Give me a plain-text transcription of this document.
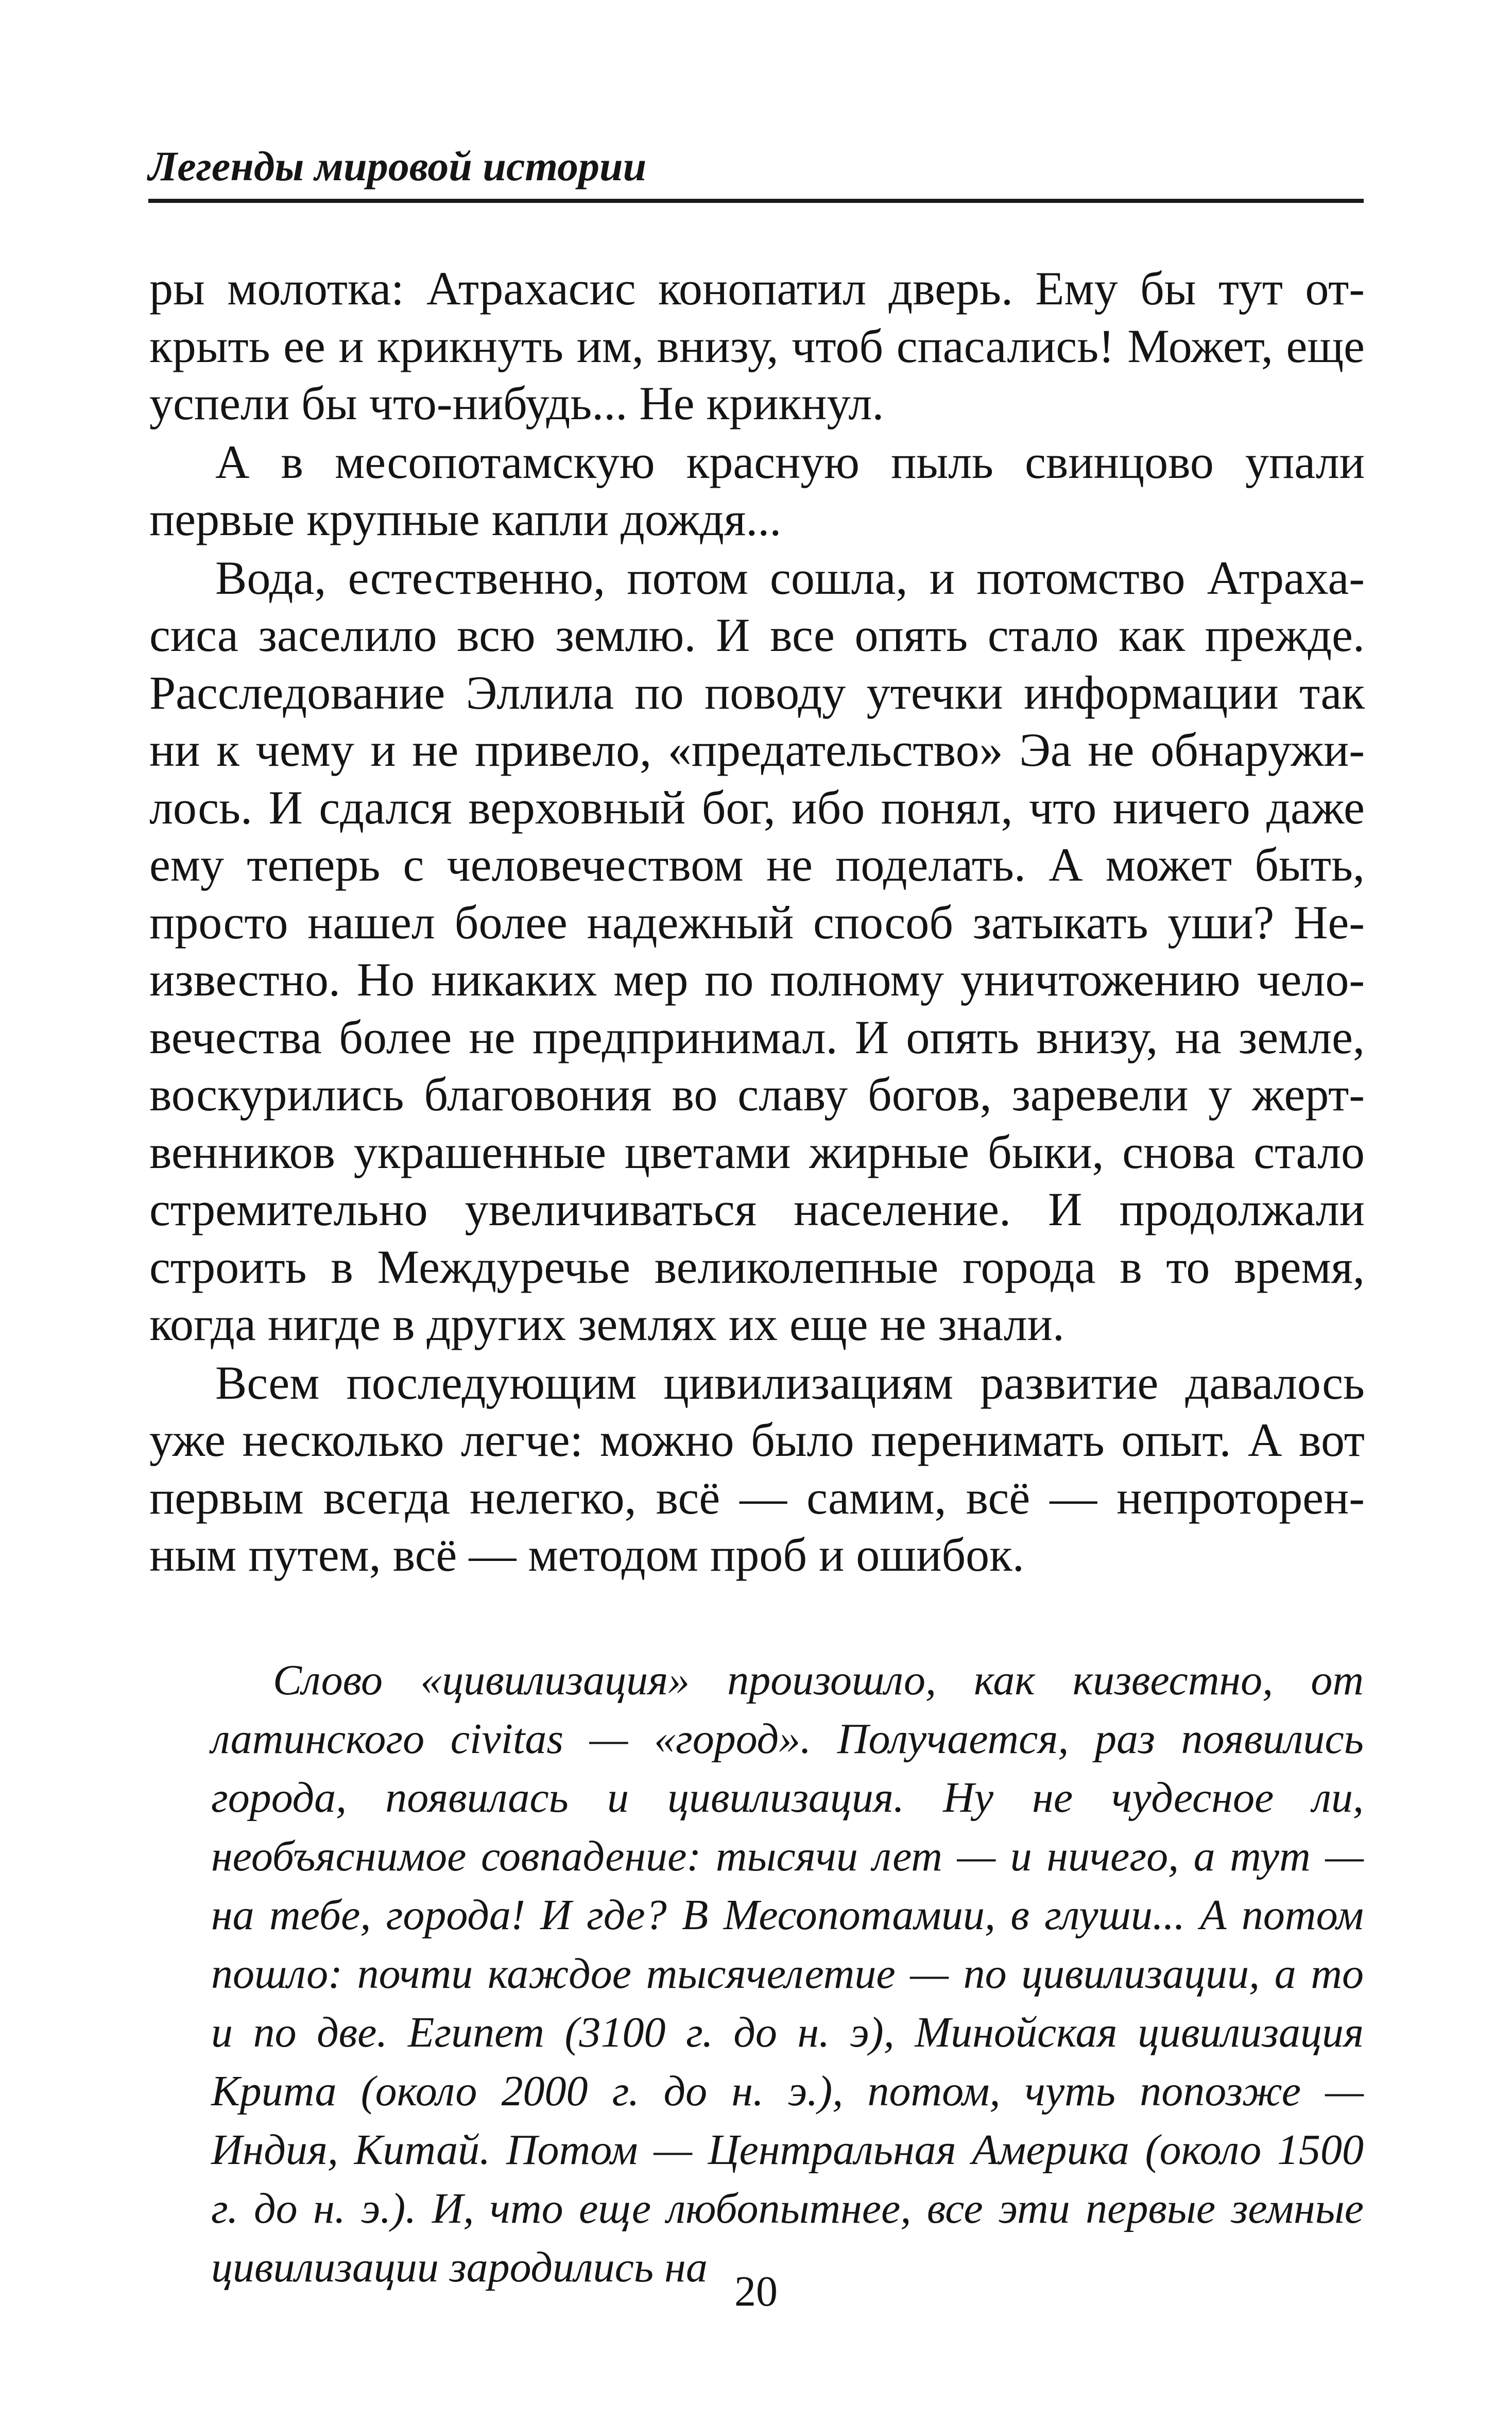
Легенды мировой истории

ры молотка: Атрахасис конопатил дверь. Ему бы тут открыть ее и крикнуть им, внизу, чтоб спасались! Может, еще успели бы что-нибудь... Не крикнул.

А в месопотамскую красную пыль свинцово упали первые крупные капли дождя...

Вода, естественно, потом сошла, и потомство Атрахасиса заселило всю землю. И все опять стало как прежде. Расследование Эллила по поводу утечки информации так ни к чему и не привело, «предательство» Эа не обнаружилось. И сдался верховный бог, ибо понял, что ничего даже ему теперь с человечеством не поделать. А может быть, просто нашел более надежный способ затыкать уши? Неизвестно. Но никаких мер по полному уничтожению человечества более не предпринимал. И опять внизу, на земле, воскурились благовония во славу богов, заревели у жертвенников украшенные цветами жирные быки, снова стало стремительно увеличиваться население. И продолжали строить в Междуречье великолепные города в то время, когда нигде в других землях их еще не знали.

Всем последующим цивилизациям развитие давалось уже несколько легче: можно было перенимать опыт. А вот первым всегда нелегко, всё — самим, всё — непроторенным путем, всё — методом проб и ошибок.

Слово «цивилизация» произошло, как кизвестно, от латинского civitas — «город». Получается, раз появились города, появилась и цивилизация. Ну не чудесное ли, необъяснимое совпадение: тысячи лет — и ничего, а тут — на тебе, города! И где? В Месопотамии, в глуши... А потом пошло: почти каждое тысячелетие — по цивилизации, а то и по две. Египет (3100 г. до н. э), Минойская цивилизация Крита (около 2000 г. до н. э.), потом, чуть попозже — Индия, Китай. Потом — Центральная Америка (около 1500 г. до н. э.). И, что еще любопытнее, все эти первые земные цивилизации зародились на

20
